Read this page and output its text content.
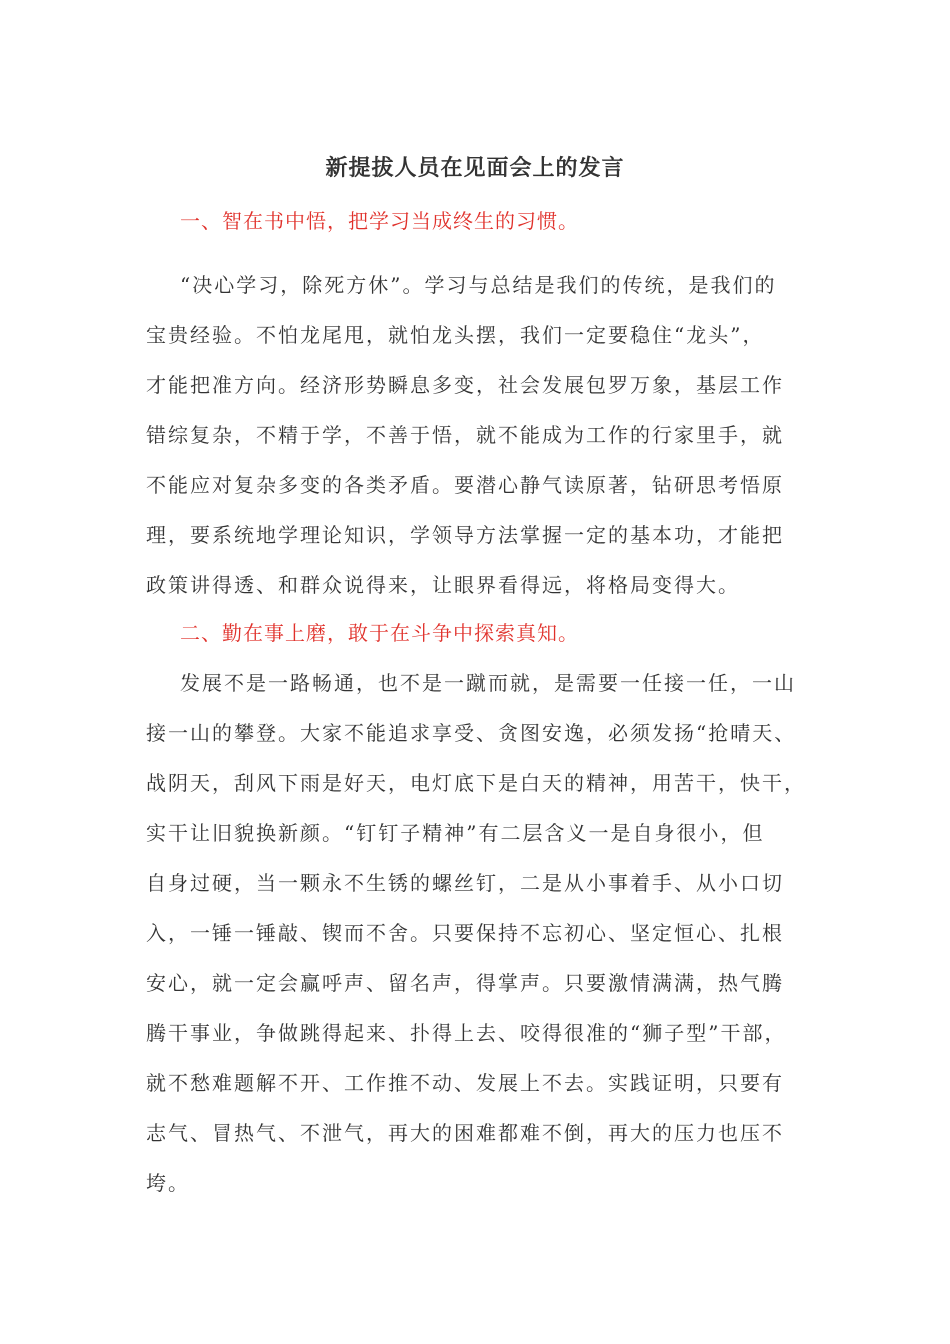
新提拔人员在见面会上的发言

一、智在书中悟，把学习当成终生的习惯。

“决心学习，除死方休”。学习与总结是我们的传统，是我们的
宝贵经验。不怕龙尾甩，就怕龙头摆，我们一定要稳住“龙头”，
才能把准方向。经济形势瞬息多变，社会发展包罗万象，基层工作
错综复杂，不精于学，不善于悟，就不能成为工作的行家里手，就
不能应对复杂多变的各类矛盾。要潜心静气读原著，钻研思考悟原
理，要系统地学理论知识，学领导方法掌握一定的基本功，才能把
政策讲得透、和群众说得来，让眼界看得远，将格局变得大。

二、勤在事上磨，敢于在斗争中探索真知。

发展不是一路畅通，也不是一蹴而就，是需要一任接一任，一山
接一山的攀登。大家不能追求享受、贪图安逸，必须发扬“抢晴天、
战阴天，刮风下雨是好天，电灯底下是白天的精神，用苦干，快干，
实干让旧貌换新颜。“钉钉子精神”有二层含义一是自身很小，但
自身过硬，当一颗永不生锈的螺丝钉，二是从小事着手、从小口切
入，一锤一锤敲、锲而不舍。只要保持不忘初心、坚定恒心、扎根
安心，就一定会赢呼声、留名声，得掌声。只要激情满满，热气腾
腾干事业，争做跳得起来、扑得上去、咬得很准的“狮子型”干部，
就不愁难题解不开、工作推不动、发展上不去。实践证明，只要有
志气、冒热气、不泄气，再大的困难都难不倒，再大的压力也压不
垮。
